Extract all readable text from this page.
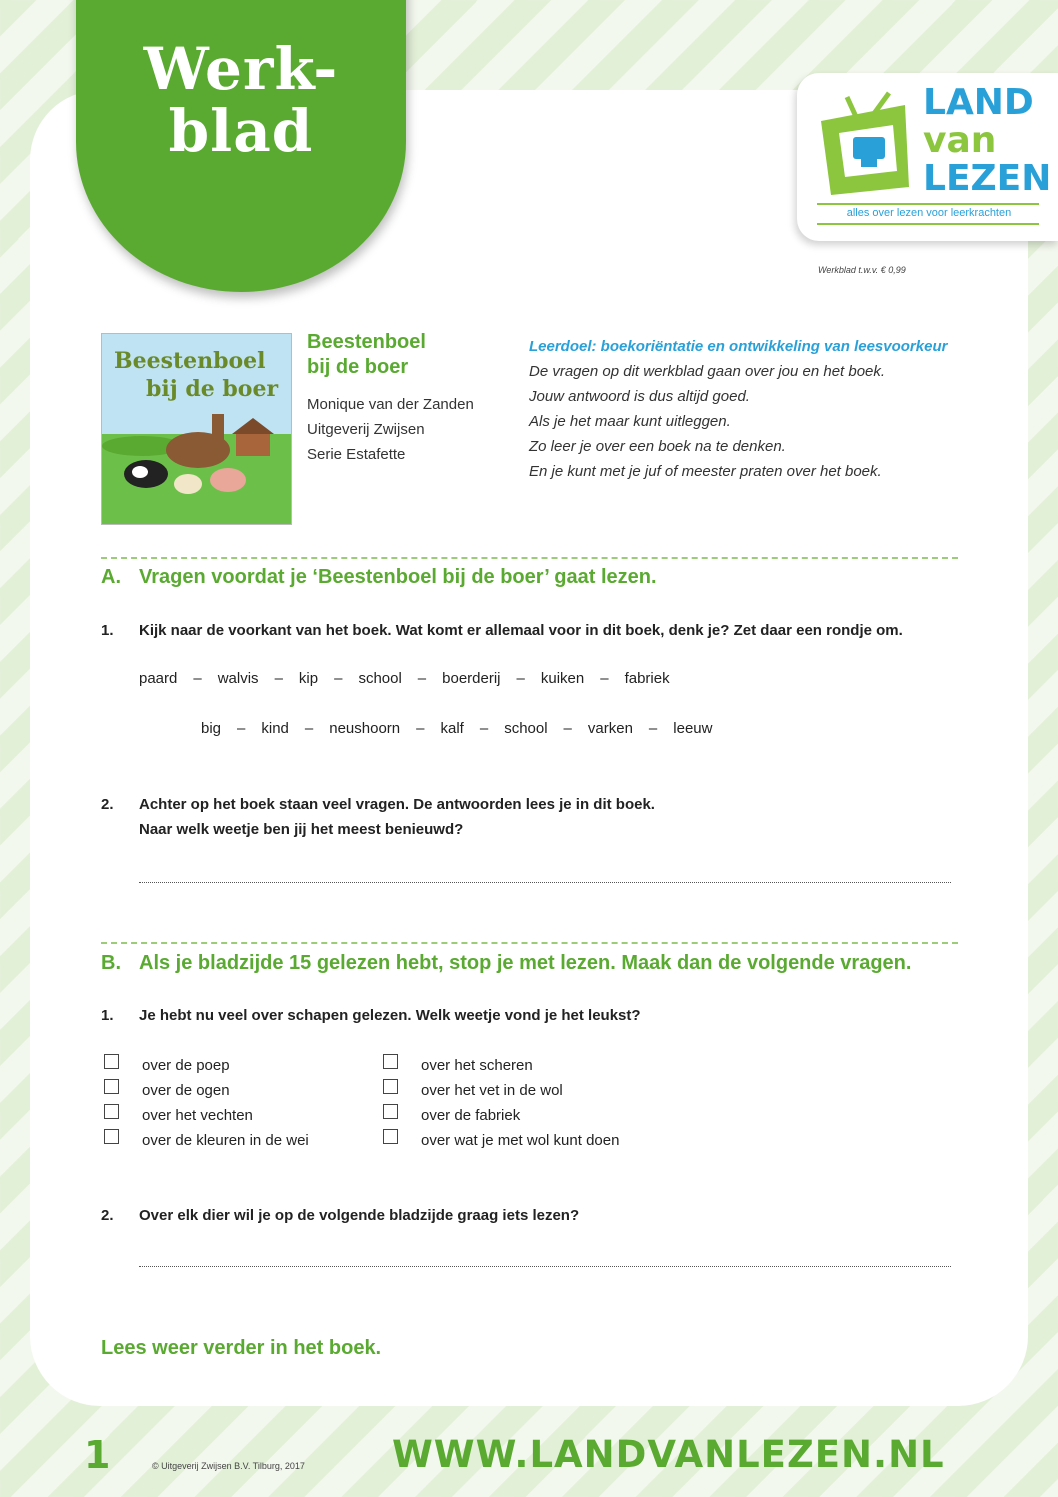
Werk-
blad	LAND
van
LEZEN
alles over lezen voor leerkrachten
Werkblad t.w.v. € 0,99
Beestenboel
bij de boer
Beestenboel
bij de boer
Monique van der Zanden
Uitgeverij Zwijsen
Serie Estafette
Leerdoel: boekoriëntatie en ontwikkeling van leesvoorkeur
De vragen op dit werkblad gaan over jou en het boek.
Jouw antwoord is dus altijd goed.
Als je het maar kunt uitleggen.
Zo leer je over een boek na te denken.
En je kunt met je juf of meester praten over het boek.
A. Vragen voordat je ‘Beestenboel bij de boer’ gaat lezen.
1. Kijk naar de voorkant van het boek. Wat komt er allemaal voor in dit boek, denk je? Zet daar een rondje om.
paard – walvis – kip – school – boerderij – kuiken – fabriek
big – kind – neushoorn – kalf – school – varken – leeuw
2. Achter op het boek staan veel vragen. De antwoorden lees je in dit boek.
Naar welk weetje ben jij het meest benieuwd?
B. Als je bladzijde 15 gelezen hebt, stop je met lezen. Maak dan de volgende vragen.
1. Je hebt nu veel over schapen gelezen. Welk weetje vond je het leukst?
over de poep
over de ogen
over het vechten
over de kleuren in de wei
over het scheren
over het vet in de wol
over de fabriek
over wat je met wol kunt doen
2. Over elk dier wil je op de volgende bladzijde graag iets lezen?
Lees weer verder in het boek.
1	© Uitgeverij Zwijsen B.V. Tilburg, 2017 WWW.LANDVANLEZEN.NL
